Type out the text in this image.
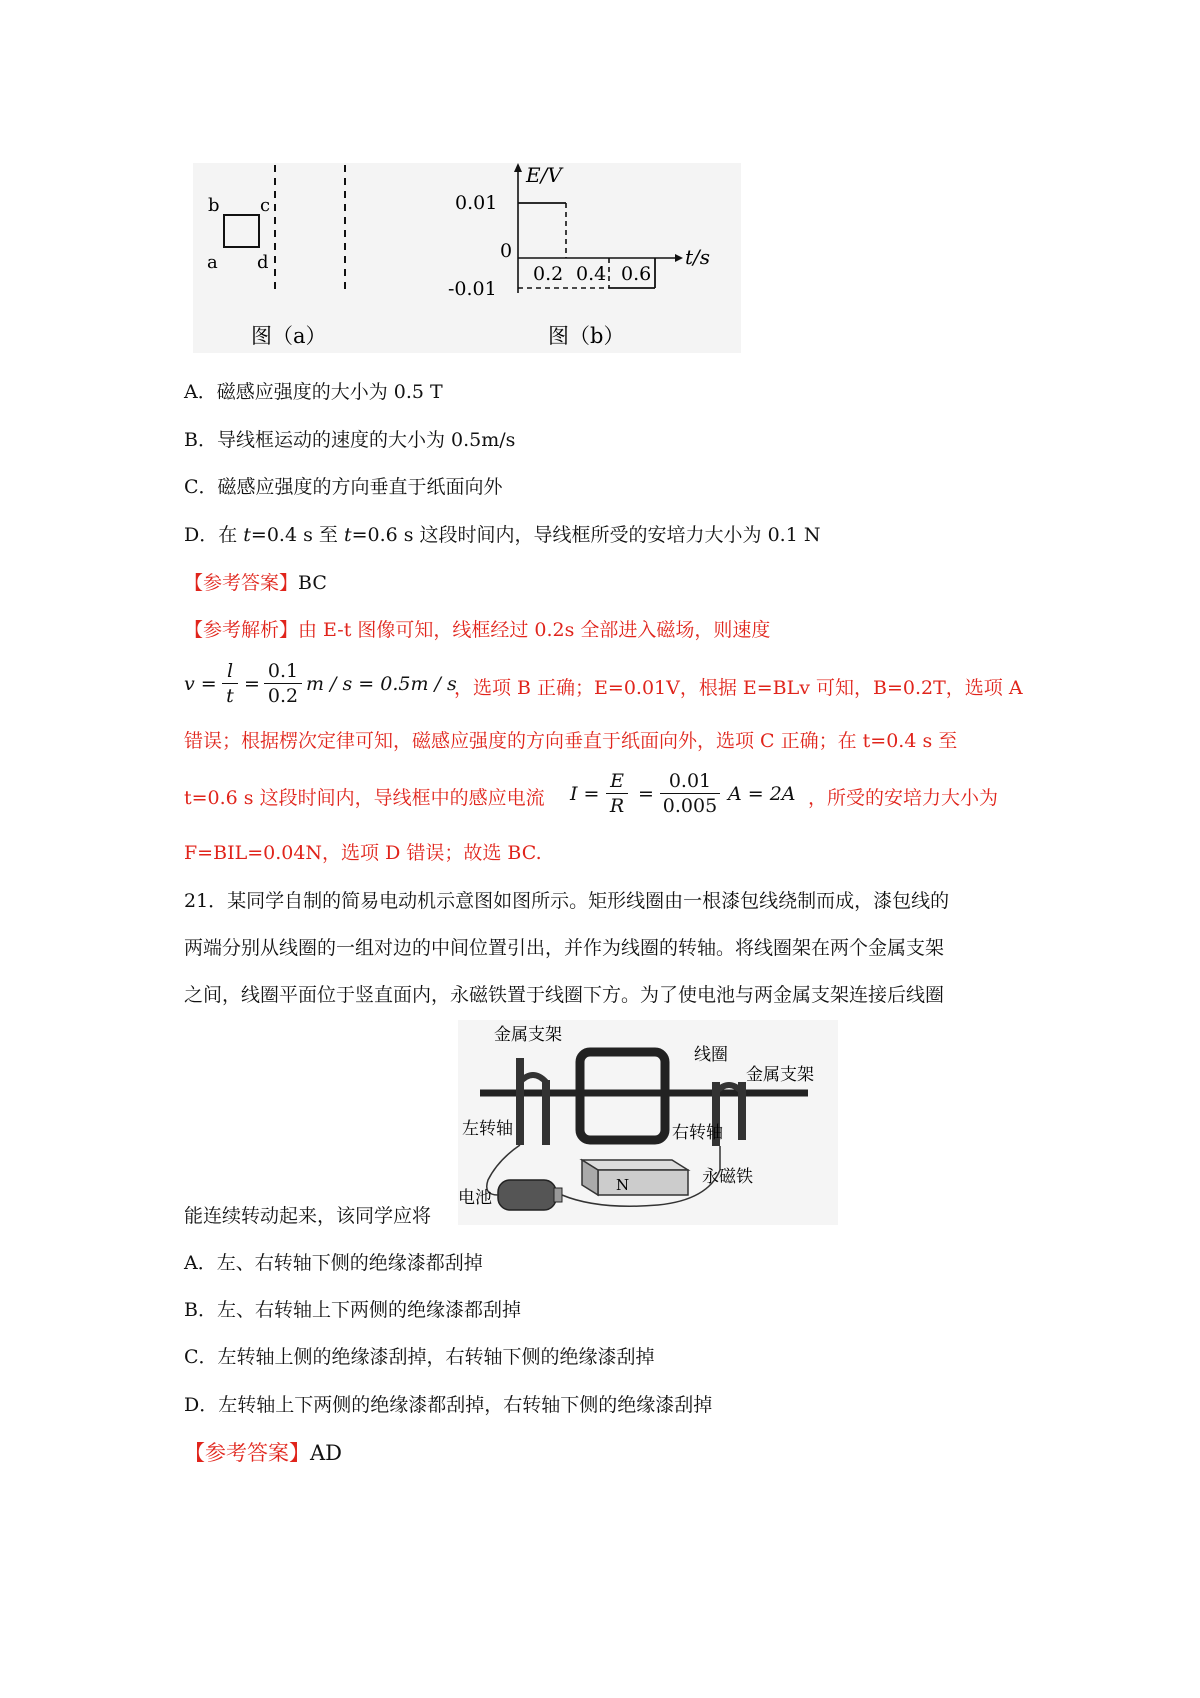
b c
a d
图（a）
E/V
t/s
0.01
-0.01
0
0.2 0.4 0.6
图（b）
A．磁感应强度的大小为 0.5 T
B．导线框运动的速度的大小为 0.5m/s
C．磁感应强度的方向垂直于纸面向外
D．在 t=0.4 s 至 t=0.6 s 这段时间内，导线框所受的安培力大小为 0.1 N
【参考答案】BC
【参考解析】由 E-t 图像可知，线框经过 0.2s 全部进入磁场，则速度
$v = \frac{l}{t} = \frac{0.1}{0.2}$ m / s = 0.5m / s
，选项 B 正确；E=0.01V，根据 E=BLv 可知，B=0.2T，选项 A
错误；根据楞次定律可知，磁感应强度的方向垂直于纸面向外，选项 C 正确；在 t=0.4 s 至
t=0.6 s 这段时间内，导线框中的感应电流 $I = \frac{E}{R} = \frac{0.01}{0.005}$ A = 2A ，所受的安培力大小为
F=BIL=0.04N，选项 D 错误；故选 BC.
21．某同学自制的简易电动机示意图如图所示。矩形线圈由一根漆包线绕制而成，漆包线的
两端分别从线圈的一组对边的中间位置引出，并作为线圈的转轴。将线圈架在两个金属支架
之间，线圈平面位于竖直面内，永磁铁置于线圈下方。为了使电池与两金属支架连接后线圈
能连续转动起来，该同学应将
N
金属支架
线圈
金属支架
左转轴	右转轴
永磁铁
电池
A．左、右转轴下侧的绝缘漆都刮掉
B．左、右转轴上下两侧的绝缘漆都刮掉
C．左转轴上侧的绝缘漆刮掉，右转轴下侧的绝缘漆刮掉
D．左转轴上下两侧的绝缘漆都刮掉，右转轴下侧的绝缘漆刮掉
【参考答案】AD
